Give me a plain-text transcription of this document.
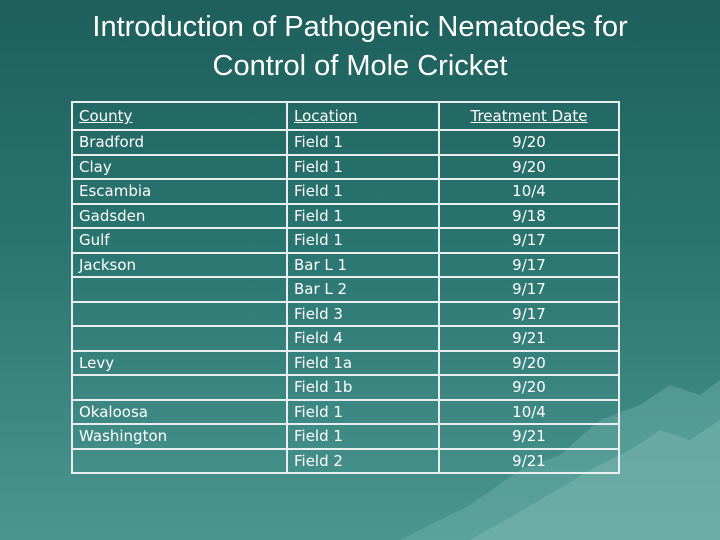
Introduction of Pathogenic Nematodes for
Control of Mole Cricket
County	Location	Treatment Date
Bradford	Field 1	9/20
Clay	Field 1	9/20
Escambia	Field 1	10/4
Gadsden	Field 1	9/18
Gulf	Field 1	9/17
Jackson	Bar L 1	9/17
	Bar L 2	9/17
	Field 3	9/17
	Field 4	9/21
Levy	Field 1a	9/20
	Field 1b	9/20
Okaloosa	Field 1	10/4
Washington	Field 1	9/21
	Field 2	9/21
